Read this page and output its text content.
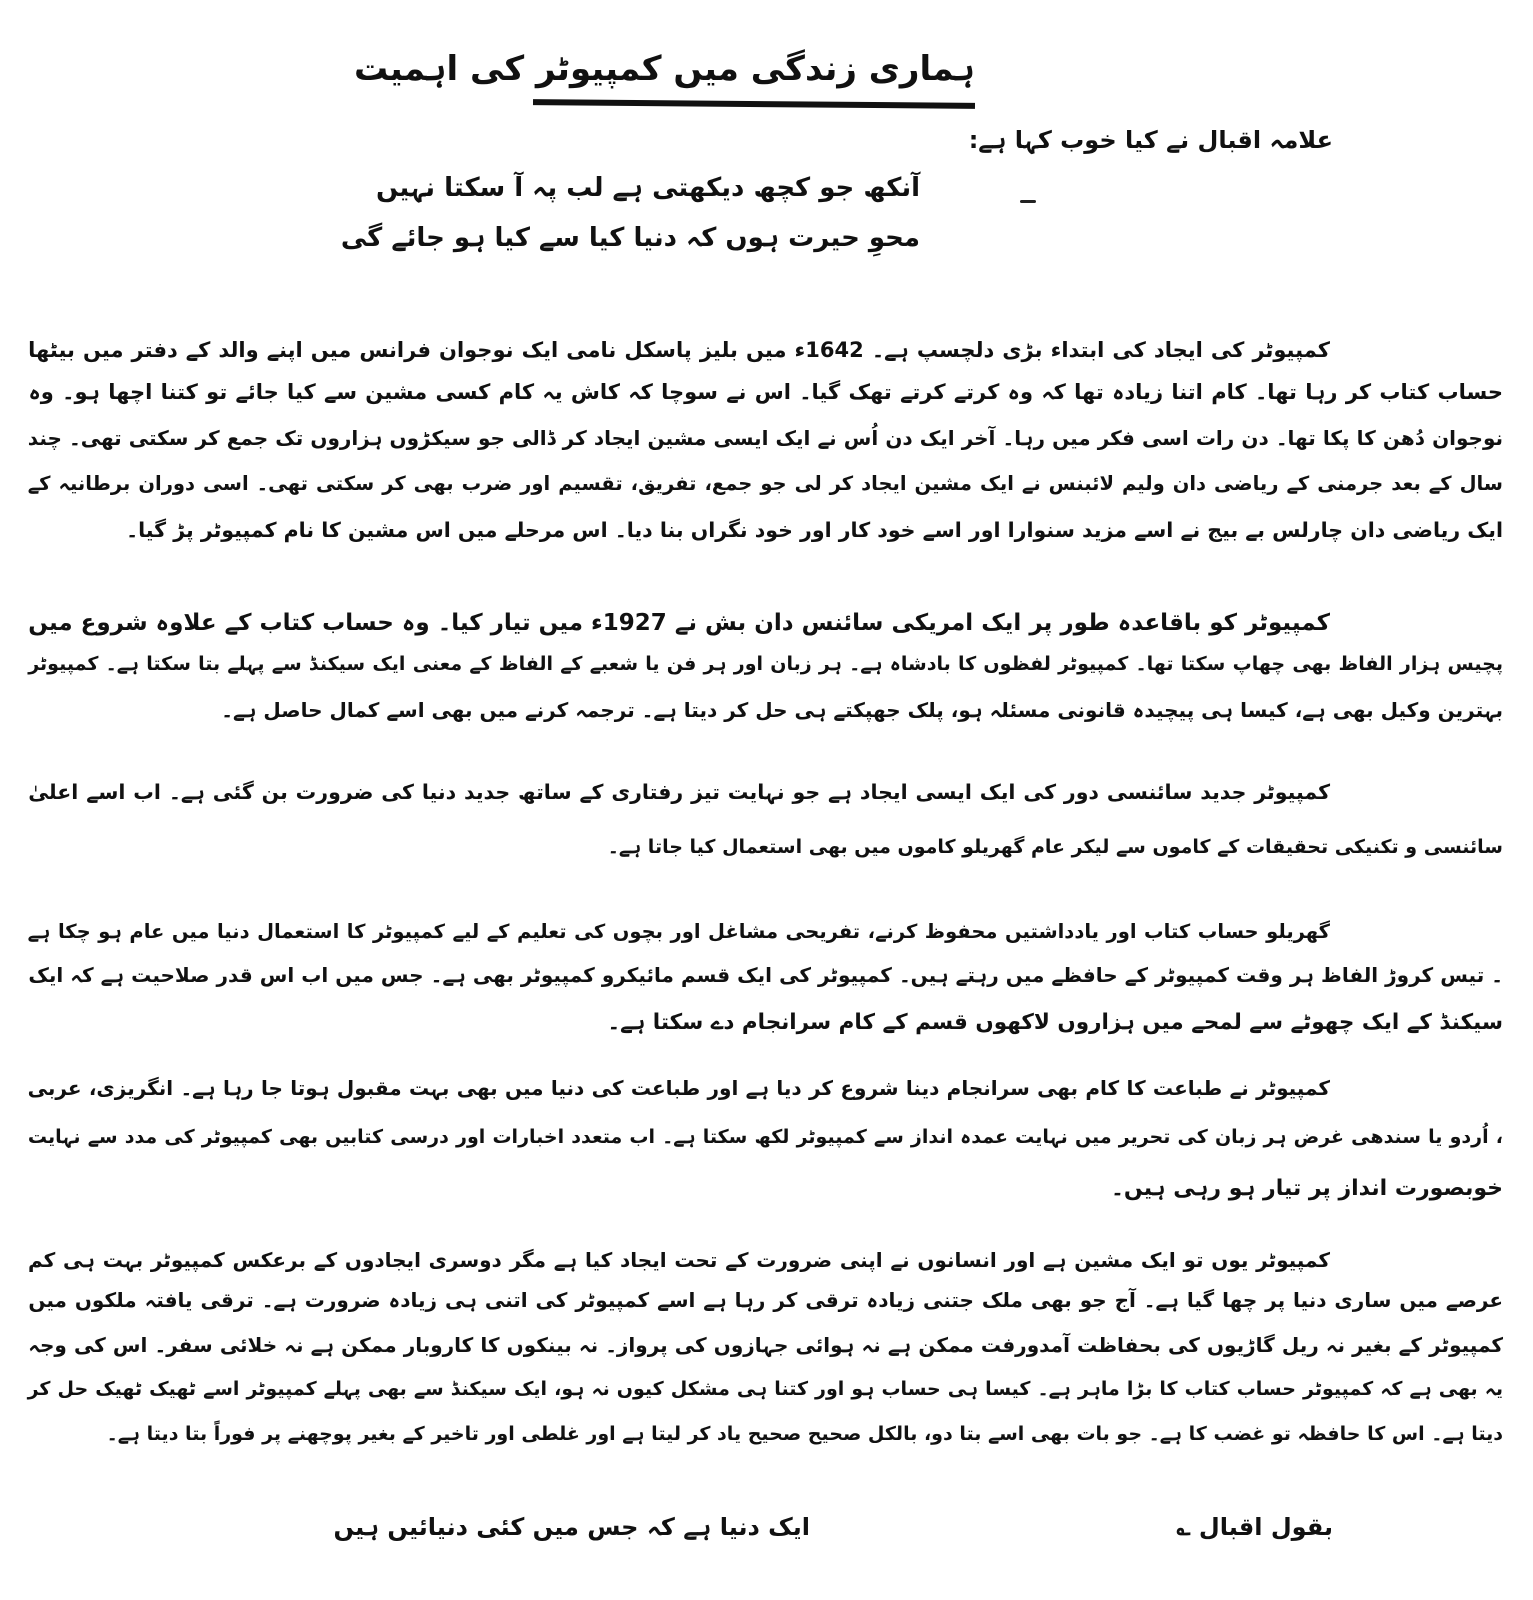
ہماری زندگی میں کمپیوٹر کی اہمیت
علامہ اقبال نے کیا خوب کہا ہے:
آنکھ جو کچھ دیکھتی ہے لب پہ آ سکتا نہیں
محوِ حیرت ہوں کہ دنیا کیا سے کیا ہو جائے گی
کمپیوٹر کی ایجاد کی ابتداء بڑی دلچسپ ہے۔ 1642ء میں بلیز پاسکل نامی ایک نوجوان فرانس میں اپنے والد کے دفتر میں بیٹھا
حساب کتاب کر رہا تھا۔ کام اتنا زیادہ تھا کہ وہ کرتے کرتے تھک گیا۔ اس نے سوچا کہ کاش یہ کام کسی مشین سے کیا جائے تو کتنا اچھا ہو۔ وہ
نوجوان دُھن کا پکا تھا۔ دن رات اسی فکر میں رہا۔ آخر ایک دن اُس نے ایک ایسی مشین ایجاد کر ڈالی جو سیکڑوں ہزاروں تک جمع کر سکتی تھی۔ چند
سال کے بعد جرمنی کے ریاضی دان ولیم لائبنس نے ایک مشین ایجاد کر لی جو جمع، تفریق، تقسیم اور ضرب بھی کر سکتی تھی۔ اسی دوران برطانیہ کے
ایک ریاضی دان چارلس بے بیج نے اسے مزید سنوارا اور اسے خود کار اور خود نگراں بنا دیا۔ اس مرحلے میں اس مشین کا نام کمپیوٹر پڑ گیا۔
کمپیوٹر کو باقاعدہ طور پر ایک امریکی سائنس دان بش نے 1927ء میں تیار کیا۔ وہ حساب کتاب کے علاوہ شروع میں
پچیس ہزار الفاظ بھی چھاپ سکتا تھا۔ کمپیوٹر لفظوں کا بادشاہ ہے۔ ہر زبان اور ہر فن یا شعبے کے الفاظ کے معنی ایک سیکنڈ سے پہلے بتا سکتا ہے۔ کمپیوٹر
بہترین وکیل بھی ہے، کیسا ہی پیچیدہ قانونی مسئلہ ہو، پلک جھپکتے ہی حل کر دیتا ہے۔ ترجمہ کرنے میں بھی اسے کمال حاصل ہے۔
کمپیوٹر جدید سائنسی دور کی ایک ایسی ایجاد ہے جو نہایت تیز رفتاری کے ساتھ جدید دنیا کی ضرورت بن گئی ہے۔ اب اسے اعلیٰ
سائنسی و تکنیکی تحقیقات کے کاموں سے لیکر عام گھریلو کاموں میں بھی استعمال کیا جاتا ہے۔
گھریلو حساب کتاب اور یادداشتیں محفوظ کرنے، تفریحی مشاغل اور بچوں کی تعلیم کے لیے کمپیوٹر کا استعمال دنیا میں عام ہو چکا ہے
۔ تیس کروڑ الفاظ ہر وقت کمپیوٹر کے حافظے میں رہتے ہیں۔ کمپیوٹر کی ایک قسم مائیکرو کمپیوٹر بھی ہے۔ جس میں اب اس قدر صلاحیت ہے کہ ایک
سیکنڈ کے ایک چھوٹے سے لمحے میں ہزاروں لاکھوں قسم کے کام سرانجام دے سکتا ہے۔
کمپیوٹر نے طباعت کا کام بھی سرانجام دینا شروع کر دیا ہے اور طباعت کی دنیا میں بھی بہت مقبول ہوتا جا رہا ہے۔ انگریزی، عربی
، اُردو یا سندھی غرض ہر زبان کی تحریر میں نہایت عمدہ انداز سے کمپیوٹر لکھ سکتا ہے۔ اب متعدد اخبارات اور درسی کتابیں بھی کمپیوٹر کی مدد سے نہایت
خوبصورت انداز پر تیار ہو رہی ہیں۔
کمپیوٹر یوں تو ایک مشین ہے اور انسانوں نے اپنی ضرورت کے تحت ایجاد کیا ہے مگر دوسری ایجادوں کے برعکس کمپیوٹر بہت ہی کم
عرصے میں ساری دنیا پر چھا گیا ہے۔ آج جو بھی ملک جتنی زیادہ ترقی کر رہا ہے اسے کمپیوٹر کی اتنی ہی زیادہ ضرورت ہے۔ ترقی یافتہ ملکوں میں
کمپیوٹر کے بغیر نہ ریل گاڑیوں کی بحفاظت آمدورفت ممکن ہے نہ ہوائی جہازوں کی پرواز۔ نہ بینکوں کا کاروبار ممکن ہے نہ خلائی سفر۔ اس کی وجہ
یہ بھی ہے کہ کمپیوٹر حساب کتاب کا بڑا ماہر ہے۔ کیسا ہی حساب ہو اور کتنا ہی مشکل کیوں نہ ہو، ایک سیکنڈ سے بھی پہلے کمپیوٹر اسے ٹھیک ٹھیک حل کر
دیتا ہے۔ اس کا حافظہ تو غضب کا ہے۔ جو بات بھی اسے بتا دو، بالکل صحیح صحیح یاد کر لیتا ہے اور غلطی اور تاخیر کے بغیر پوچھنے پر فوراً بتا دیتا ہے۔
بقول اقبال ؎
ایک دنیا ہے کہ جس میں کئی دنیائیں ہیں
